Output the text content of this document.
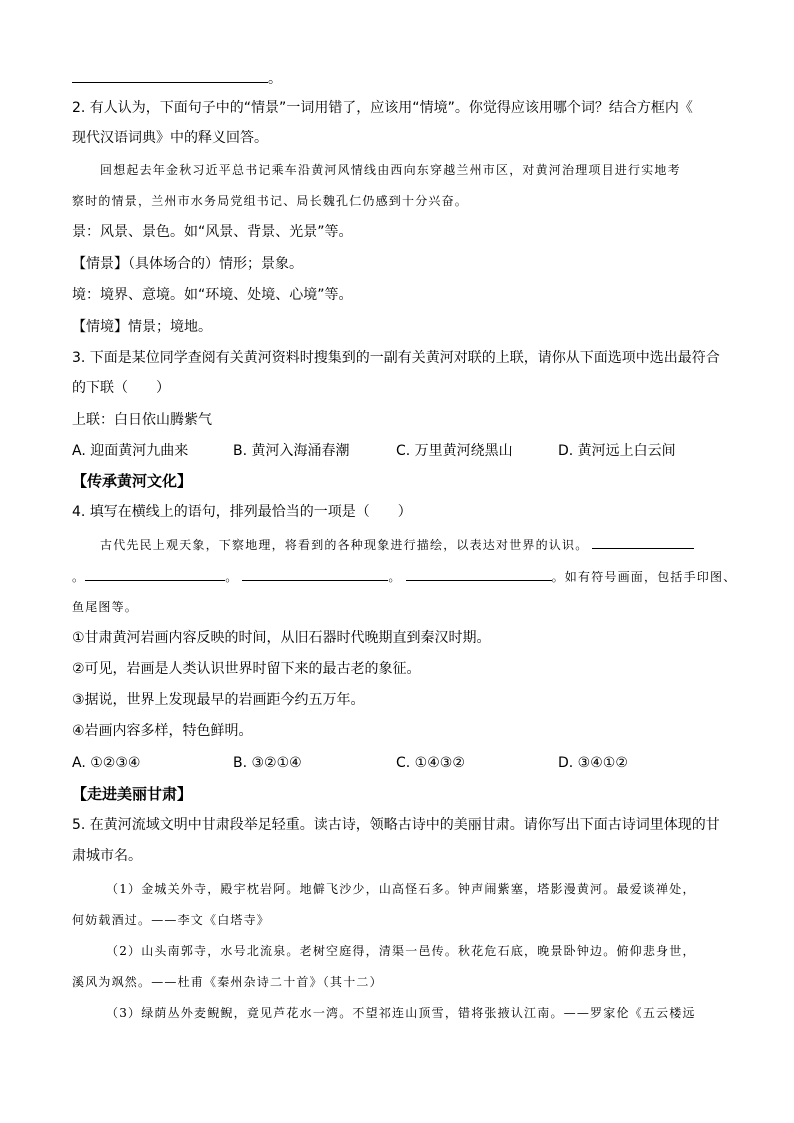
。
2. 有人认为，下面句子中的“情景”一词用错了，应该用“情境”。你觉得应该用哪个词？结合方框内《
现代汉语词典》中的释义回答。
回想起去年金秋习近平总书记乘车沿黄河风情线由西向东穿越兰州市区，对黄河治理项目进行实地考
察时的情景，兰州市水务局党组书记、局长魏孔仁仍感到十分兴奋。
景：风景、景色。如“风景、背景、光景”等。
【情景】（具体场合的）情形；景象。
境：境界、意境。如“环境、处境、心境”等。
【情境】情景；境地。
3. 下面是某位同学查阅有关黄河资料时搜集到的一副有关黄河对联的上联，请你从下面选项中选出最符合
的下联（　　）
上联：白日依山腾紫气
A. 迎面黄河九曲来	B. 黄河入海涌春潮	C. 万里黄河绕黑山	D. 黄河远上白云间
【传承黄河文化】
4. 填写在横线上的语句，排列最恰当的一项是（　　）
古代先民上观天象，下察地理，将看到的各种现象进行描绘，以表达对世界的认识。
。	。	。	。如有符号画面，包括手印图、
鱼尾图等。
①甘肃黄河岩画内容反映的时间，从旧石器时代晚期直到秦汉时期。
②可见，岩画是人类认识世界时留下来的最古老的象征。
③据说，世界上发现最早的岩画距今约五万年。
④岩画内容多样，特色鲜明。
A. ①②③④	B. ③②①④	C. ①④③②	D. ③④①②
【走进美丽甘肃】
5. 在黄河流域文明中甘肃段举足轻重。读古诗，领略古诗中的美丽甘肃。请你写出下面古诗词里体现的甘
肃城市名。
（1）金城关外寺，殿宇枕岩阿。地僻飞沙少，山高怪石多。钟声闹紫塞，塔影漫黄河。最爱谈禅处，
何妨载酒过。——李文《白塔寺》
（2）山头南郭寺，水号北流泉。老树空庭得，清渠一邑传。秋花危石底，晚景卧钟边。俯仰悲身世，
溪风为飒然。——杜甫《秦州杂诗二十首》（其十二）
（3）绿荫丛外麦鲵鲵，竟见芦花水一湾。不望祁连山顶雪，错将张掖认江南。——罗家伦《五云楼远
